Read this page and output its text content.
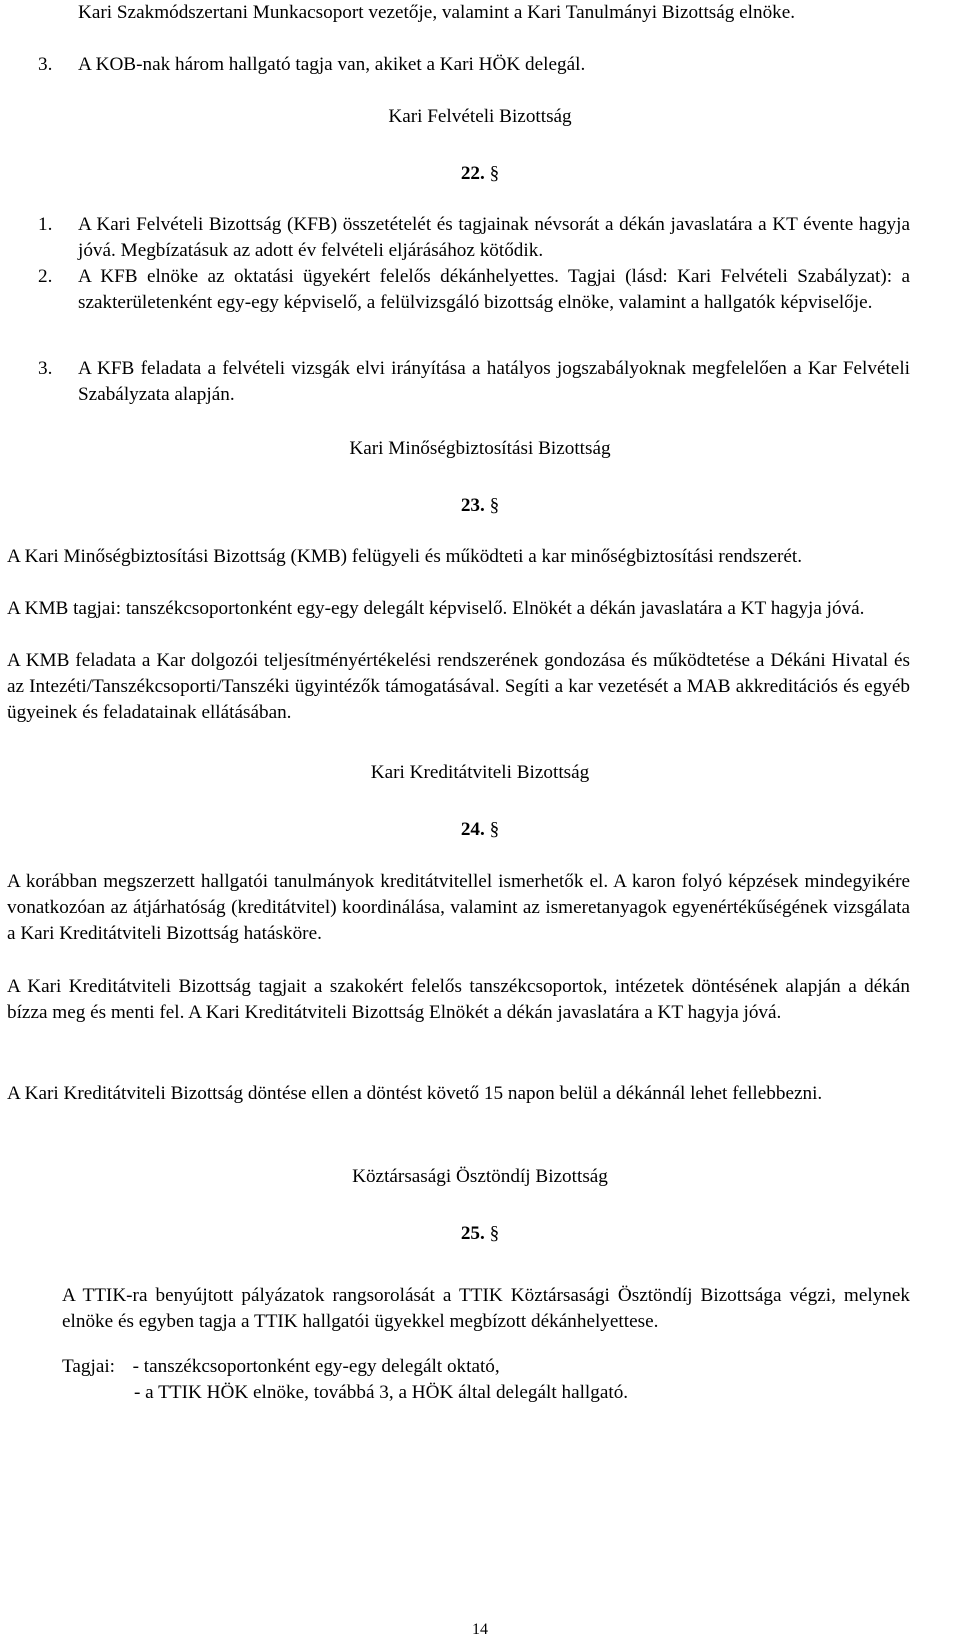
Kari Szakmódszertani Munkacsoport vezetője, valamint a Kari Tanulmányi Bizottság elnöke.
3. A KOB-nak három hallgató tagja van, akiket a Kari HÖK delegál.
Kari Felvételi Bizottság
22. §
1. A Kari Felvételi Bizottság (KFB) összetételét és tagjainak névsorát a dékán javaslatára a KT évente hagyja jóvá. Megbízatásuk az adott év felvételi eljárásához kötődik.
2. A KFB elnöke az oktatási ügyekért felelős dékánhelyettes. Tagjai (lásd: Kari Felvételi Szabályzat): a szakterületenként egy-egy képviselő, a felülvizsgáló bizottság elnöke, valamint a hallgatók képviselője.
3. A KFB feladata a felvételi vizsgák elvi irányítása a hatályos jogszabályoknak megfelelően a Kar Felvételi Szabályzata alapján.
Kari Minőségbiztosítási Bizottság
23. §
A Kari Minőségbiztosítási Bizottság (KMB) felügyeli és működteti a kar minőségbiztosítási rendszerét.
A KMB tagjai: tanszékcsoportonként egy-egy delegált képviselő. Elnökét a dékán javaslatára a KT hagyja jóvá.
A KMB feladata a Kar dolgozói teljesítményértékelési rendszerének gondozása és működtetése a Dékáni Hivatal és az Intezéti/Tanszékcsoporti/Tanszéki ügyintézők támogatásával. Segíti a kar vezetését a MAB akkreditációs és egyéb ügyeinek és feladatainak ellátásában.
Kari Kreditátviteli Bizottság
24. §
A korábban megszerzett hallgatói tanulmányok kreditátvitellel ismerhetők el. A karon folyó képzések mindegyikére vonatkozóan az átjárhatóság (kreditátvitel) koordinálása, valamint az ismeretanyagok egyenértékűségének vizsgálata a Kari Kreditátviteli Bizottság hatásköre.
A Kari Kreditátviteli Bizottság tagjait a szakokért felelős tanszékcsoportok, intézetek döntésének alapján a dékán bízza meg és menti fel. A Kari Kreditátviteli Bizottság Elnökét a dékán javaslatára a KT hagyja jóvá.
A Kari Kreditátviteli Bizottság döntése ellen a döntést követő 15 napon belül a dékánnál lehet fellebbezni.
Köztársasági Ösztöndíj Bizottság
25. §
A TTIK-ra benyújtott pályázatok rangsorolását a TTIK Köztársasági Ösztöndíj Bizottsága végzi, melynek elnöke és egyben tagja a TTIK hallgatói ügyekkel megbízott dékánhelyettese.
Tagjai: - tanszékcsoportonként egy-egy delegált oktató,
- a TTIK HÖK elnöke, továbbá 3, a HÖK által delegált hallgató.
14
